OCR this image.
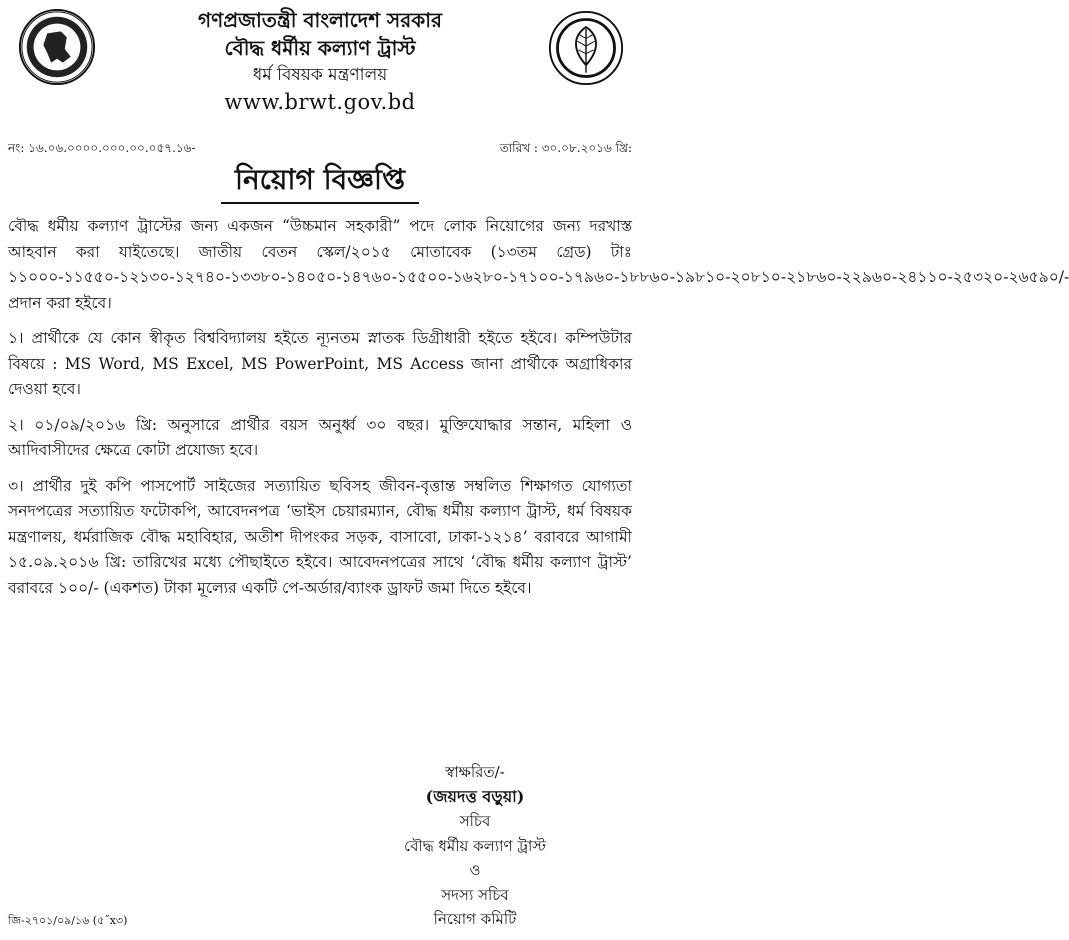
গণপ্রজাতন্ত্রী বাংলাদেশ সরকার
বৌদ্ধ ধর্মীয় কল্যাণ ট্রাস্ট
ধর্ম বিষয়ক মন্ত্রণালয়
www.brwt.gov.bd
নং: ১৬.০৬.০০০০.০০০.০০.০৫৭.১৬-	তারিখ : ৩০.০৮.২০১৬ খ্রি:
নিয়োগ বিজ্ঞপ্তি

বৌদ্ধ ধর্মীয় কল্যাণ ট্রাস্টের জন্য একজন “উচ্চমান সহকারী” পদে লোক নিয়োগের জন্য দরখাস্ত আহবান করা যাইতেছে। জাতীয় বেতন স্কেল/২০১৫ মোতাবেক (১৩তম গ্রেড) টাঃ ১১০০০-১১৫৫০-১২১৩০-১২৭৪০-১৩৩৮০-১৪০৫০-১৪৭৬০-১৫৫০০-১৬২৮০-১৭১০০-১৭৯৬০-১৮৮৬০-১৯৮১০-২০৮১০-২১৮৬০-২২৯৬০-২৪১১০-২৫৩২০-২৬৫৯০/-প্রদান করা হইবে।

১। প্রার্থীকে যে কোন স্বীকৃত বিশ্ববিদ্যালয় হইতে ন্যূনতম স্নাতক ডিগ্রীধারী হইতে হইবে। কম্পিউটার বিষয়ে : MS Word, MS Excel, MS PowerPoint, MS Access জানা প্রার্থীকে অগ্রাধিকার দেওয়া হবে।

২। ০১/০৯/২০১৬ খ্রি: অনুসারে প্রার্থীর বয়স অনুর্ধ্ব ৩০ বছর। মুক্তিযোদ্ধার সন্তান, মহিলা ও আদিবাসীদের ক্ষেত্রে কোটা প্রযোজ্য হবে।

৩। প্রার্থীর দুই কপি পাসপোর্ট সাইজের সত্যায়িত ছবিসহ জীবন-বৃত্তান্ত সম্বলিত শিক্ষাগত যোগ্যতা সনদপত্রের সত্যায়িত ফটোকপি, আবেদনপত্র ‘ভাইস চেয়ারম্যান, বৌদ্ধ ধর্মীয় কল্যাণ ট্রাস্ট, ধর্ম বিষয়ক মন্ত্রণালয়, ধর্মরাজিক বৌদ্ধ মহাবিহার, অতীশ দীপংকর সড়ক, বাসাবো, ঢাকা-১২১৪’ বরাবরে আগামী ১৫.০৯.২০১৬ খ্রি: তারিখের মধ্যে পৌছাইতে হইবে। আবেদনপত্রের সাথে ‘বৌদ্ধ ধর্মীয় কল্যাণ ট্রাস্ট’ বরাবরে ১০০/- (একশত) টাকা মূল্যের একটি পে-অর্ডার/ব্যাংক ড্রাফট জমা দিতে হইবে।

স্বাক্ষরিত/-
(জয়দত্ত বড়ুয়া)
সচিব
বৌদ্ধ ধর্মীয় কল্যাণ ট্রাস্ট
ও
সদস্য সচিব
নিয়োগ কমিটি
জি-২৭০১/০৯/১৬ (৫˝x৩)
